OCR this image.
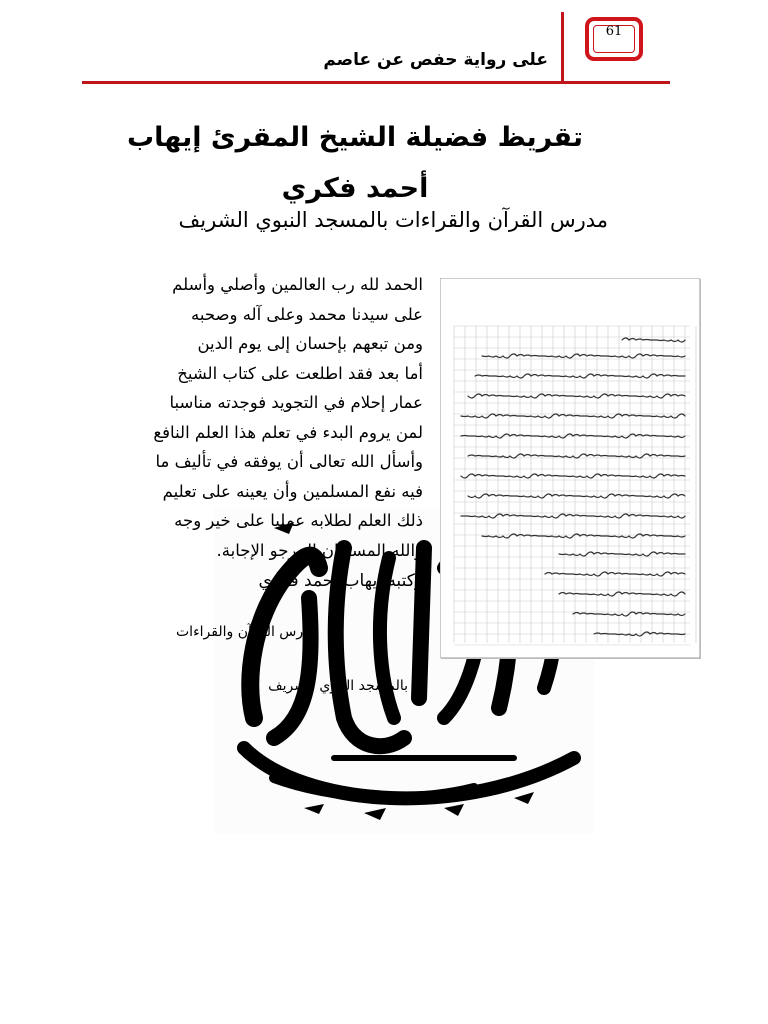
61
على رواية حفص عن عاصم
تقريظ فضيلة الشيخ المقرئ إيهاب
أحمد فكري
مدرس القرآن والقراءات بالمسجد النبوي الشريف

الحمد لله رب العالمين وأصلي وأسلم

على سيدنا محمد وعلى آله وصحبه

ومن تبعهم بإحسان إلى يوم الدين

أما بعد فقد اطلعت على كتاب الشيخ

عمار إحلام في التجويد فوجدته مناسبا

لمن يروم البدء في تعلم هذا العلم النافع

وأسأل الله تعالى أن يوفقه في تأليف ما

فيه نفع المسلمين وأن يعينه على تعليم

ذلك العلم لطلابه عمليا على خير وجه

والله المستعان المرجو الإجابة.

وكتبه إيهاب أحمد فكري
مدرس القرآن والقراءات
بالمسجد النبوي الشريف
